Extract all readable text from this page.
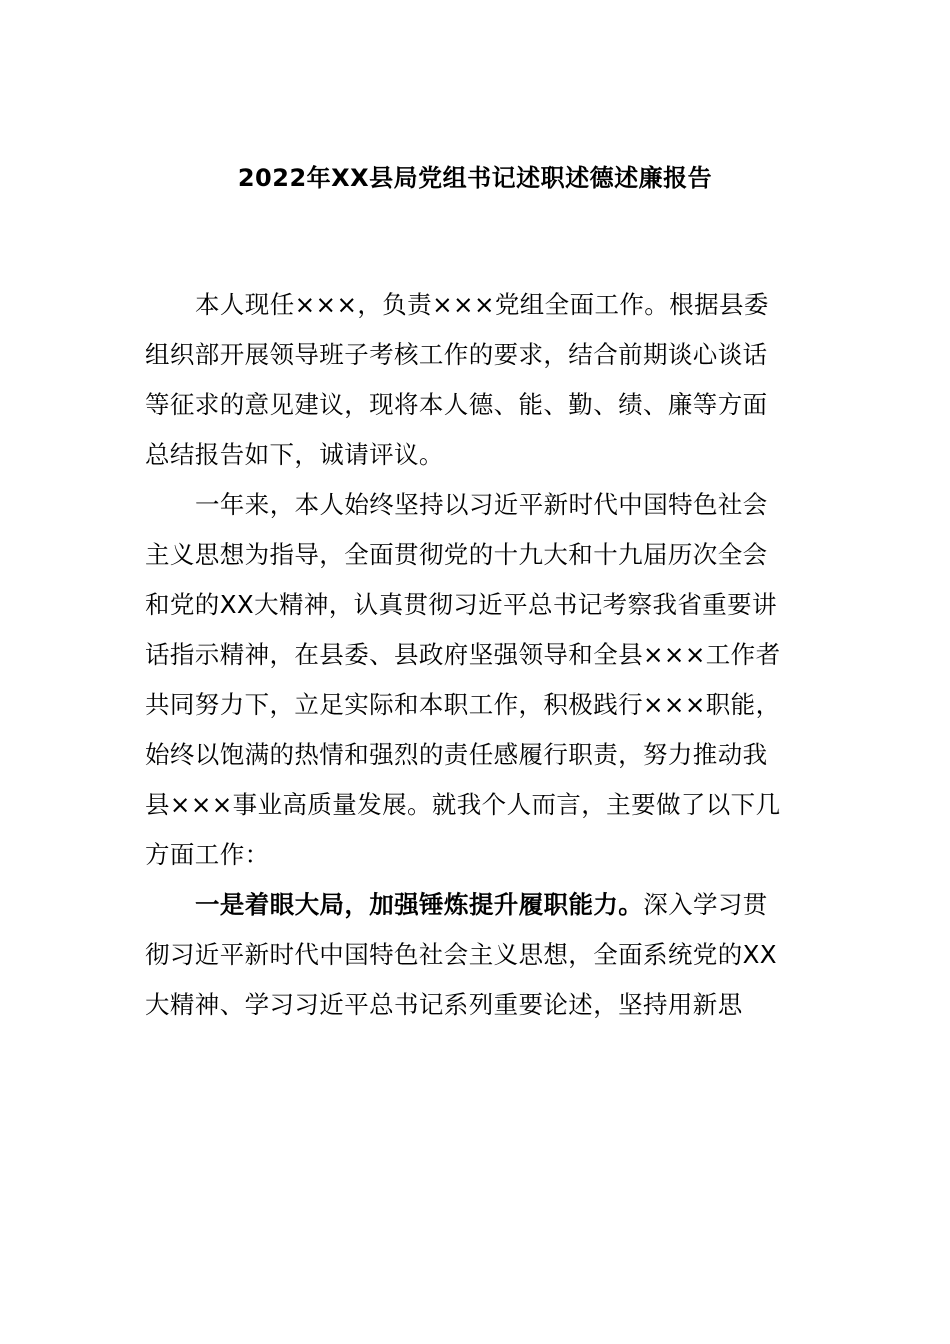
2022年XX县局党组书记述职述德述廉报告
本人现任×××，负责×××党组全面工作。根据县委
组织部开展领导班子考核工作的要求，结合前期谈心谈话
等征求的意见建议，现将本人德、能、勤、绩、廉等方面
总结报告如下，诚请评议。
一年来，本人始终坚持以习近平新时代中国特色社会
主义思想为指导，全面贯彻党的十九大和十九届历次全会
和党的XX大精神，认真贯彻习近平总书记考察我省重要讲
话指示精神，在县委、县政府坚强领导和全县×××工作者
共同努力下，立足实际和本职工作，积极践行×××职能，
始终以饱满的热情和强烈的责任感履行职责，努力推动我
县×××事业高质量发展。就我个人而言，主要做了以下几
方面工作：
一是着眼大局，加强锤炼提升履职能力。深入学习贯
彻习近平新时代中国特色社会主义思想，全面系统党的XX
大精神、学习习近平总书记系列重要论述，坚持用新思
